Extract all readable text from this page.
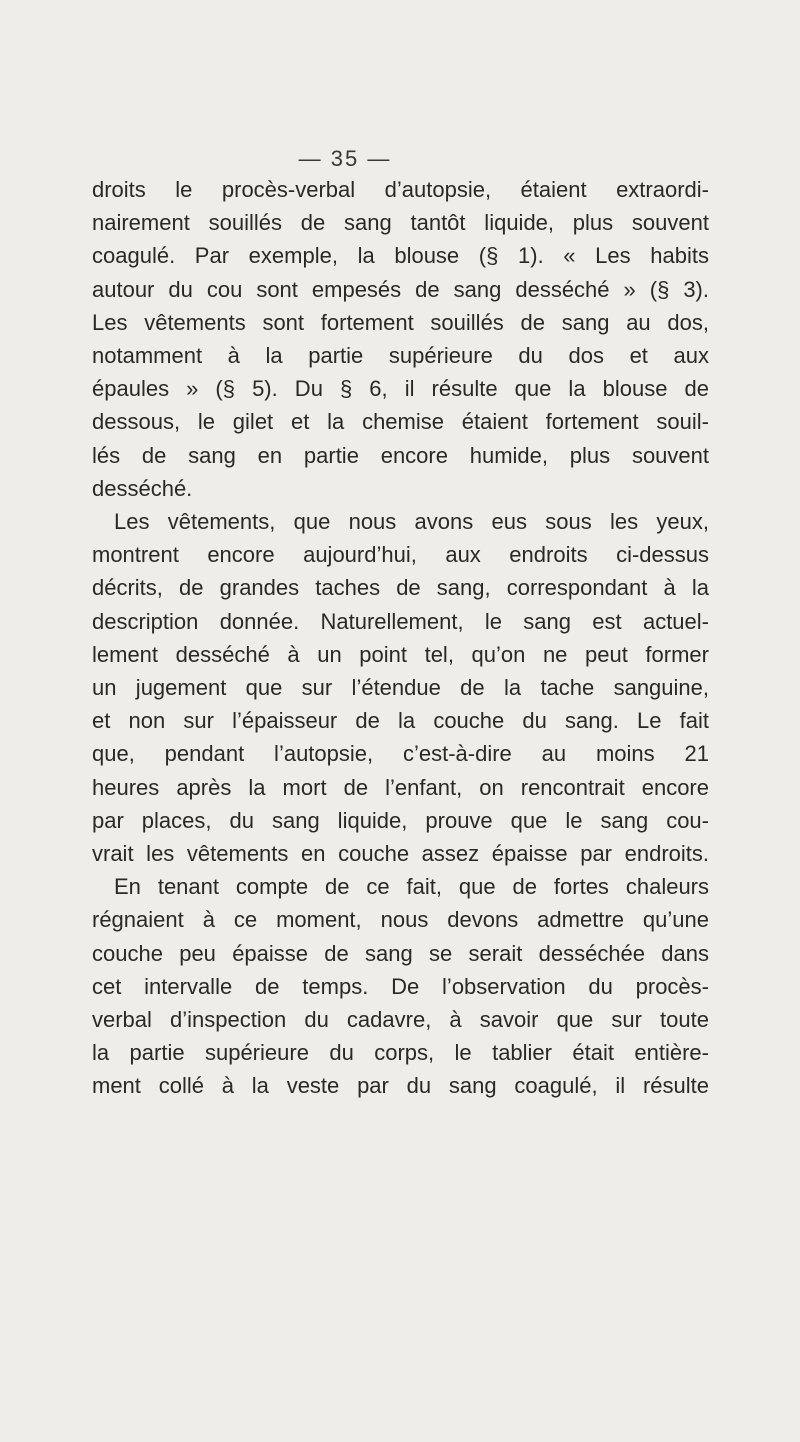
— 35 —
droits le procès-verbal d’autopsie, étaient extraordi-
nairement souillés de sang tantôt liquide, plus souvent
coagulé. Par exemple, la blouse (§ 1). « Les habits
autour du cou sont empesés de sang desséché » (§ 3).
Les vêtements sont fortement souillés de sang au dos,
notamment à la partie supérieure du dos et aux
épaules » (§ 5). Du § 6, il résulte que la blouse de
dessous, le gilet et la chemise étaient fortement souil-
lés de sang en partie encore humide, plus souvent
desséché.
Les vêtements, que nous avons eus sous les yeux,
montrent encore aujourd’hui, aux endroits ci-dessus
décrits, de grandes taches de sang, correspondant à la
description donnée. Naturellement, le sang est actuel-
lement desséché à un point tel, qu’on ne peut former
un jugement que sur l’étendue de la tache sanguine,
et non sur l’épaisseur de la couche du sang. Le fait
que, pendant l’autopsie, c’est-à-dire au moins 21
heures après la mort de l’enfant, on rencontrait encore
par places, du sang liquide, prouve que le sang cou-
vrait les vêtements en couche assez épaisse par endroits.
En tenant compte de ce fait, que de fortes chaleurs
régnaient à ce moment, nous devons admettre qu’une
couche peu épaisse de sang se serait desséchée dans
cet intervalle de temps. De l’observation du procès-
verbal d’inspection du cadavre, à savoir que sur toute
la partie supérieure du corps, le tablier était entière-
ment collé à la veste par du sang coagulé, il résulte
